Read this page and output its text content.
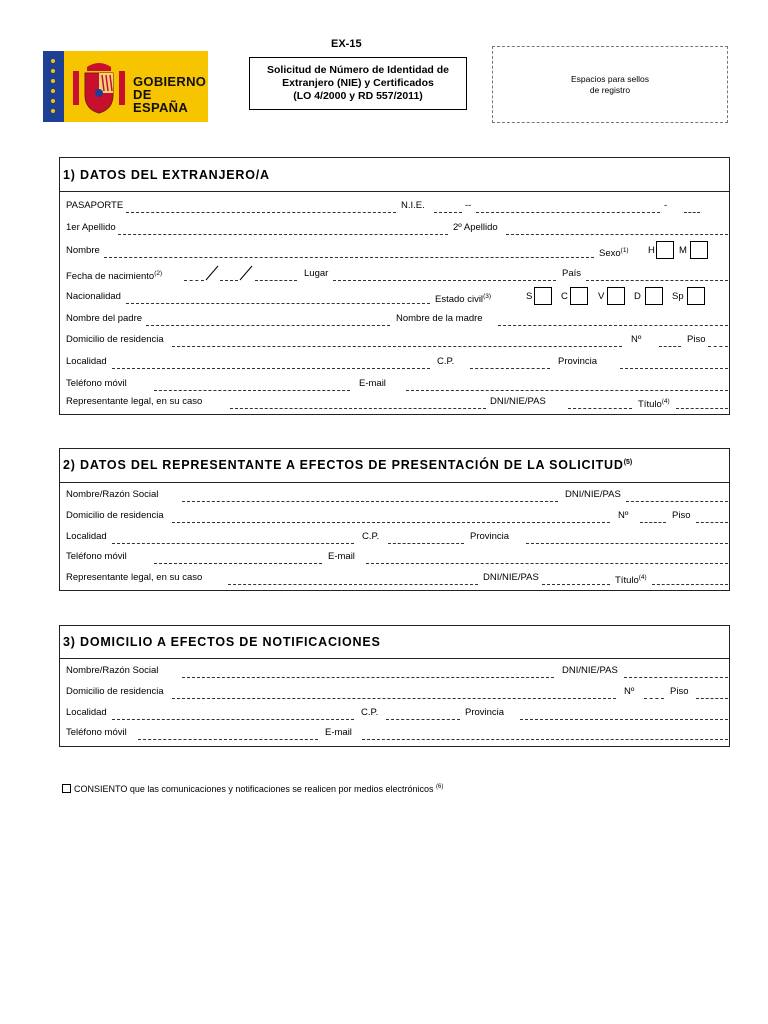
GOBIERNO
DE ESPAÑA
EX-15
Solicitud de Número de Identidad de
Extranjero (NIE) y Certificados
(LO 4/2000 y RD 557/2011)
Espacios para sellos
de registro
1) DATOS DEL EXTRANJERO/A
PASAPORTE	N.I.E.	--	-
1er Apellido	2º Apellido
Nombre	Sexo$^{(1)}$ H	M
Fecha de nacimiento$^{(2)}$	Lugar	País
Nacionalidad	Estado civil$^{(3)}$	S	C	V	D	Sp
Nombre del padre	Nombre de la madre
Domicilio de residencia	Nº	Piso
Localidad	C.P.	Provincia
Teléfono móvil	E-mail
Representante legal, en su caso	DNI/NIE/PAS	Título$^{(4)}$
2) DATOS DEL REPRESENTANTE A EFECTOS DE PRESENTACIÓN DE LA SOLICITUD$^{(5)}$
Nombre/Razón Social	DNI/NIE/PAS
Domicilio de residencia	Nº	Piso
Localidad	C.P.	Provincia
Teléfono móvil	E-mail
Representante legal, en su caso	DNI/NIE/PAS	Título$^{(4)}$
3) DOMICILIO A EFECTOS DE NOTIFICACIONES
Nombre/Razón Social	DNI/NIE/PAS
Domicilio de residencia	Nº	Piso
Localidad	C.P.	Provincia
Teléfono móvil	E-mail
CONSIENTO que las comunicaciones y notificaciones se realicen por medios electrónicos $^{(6)}$
